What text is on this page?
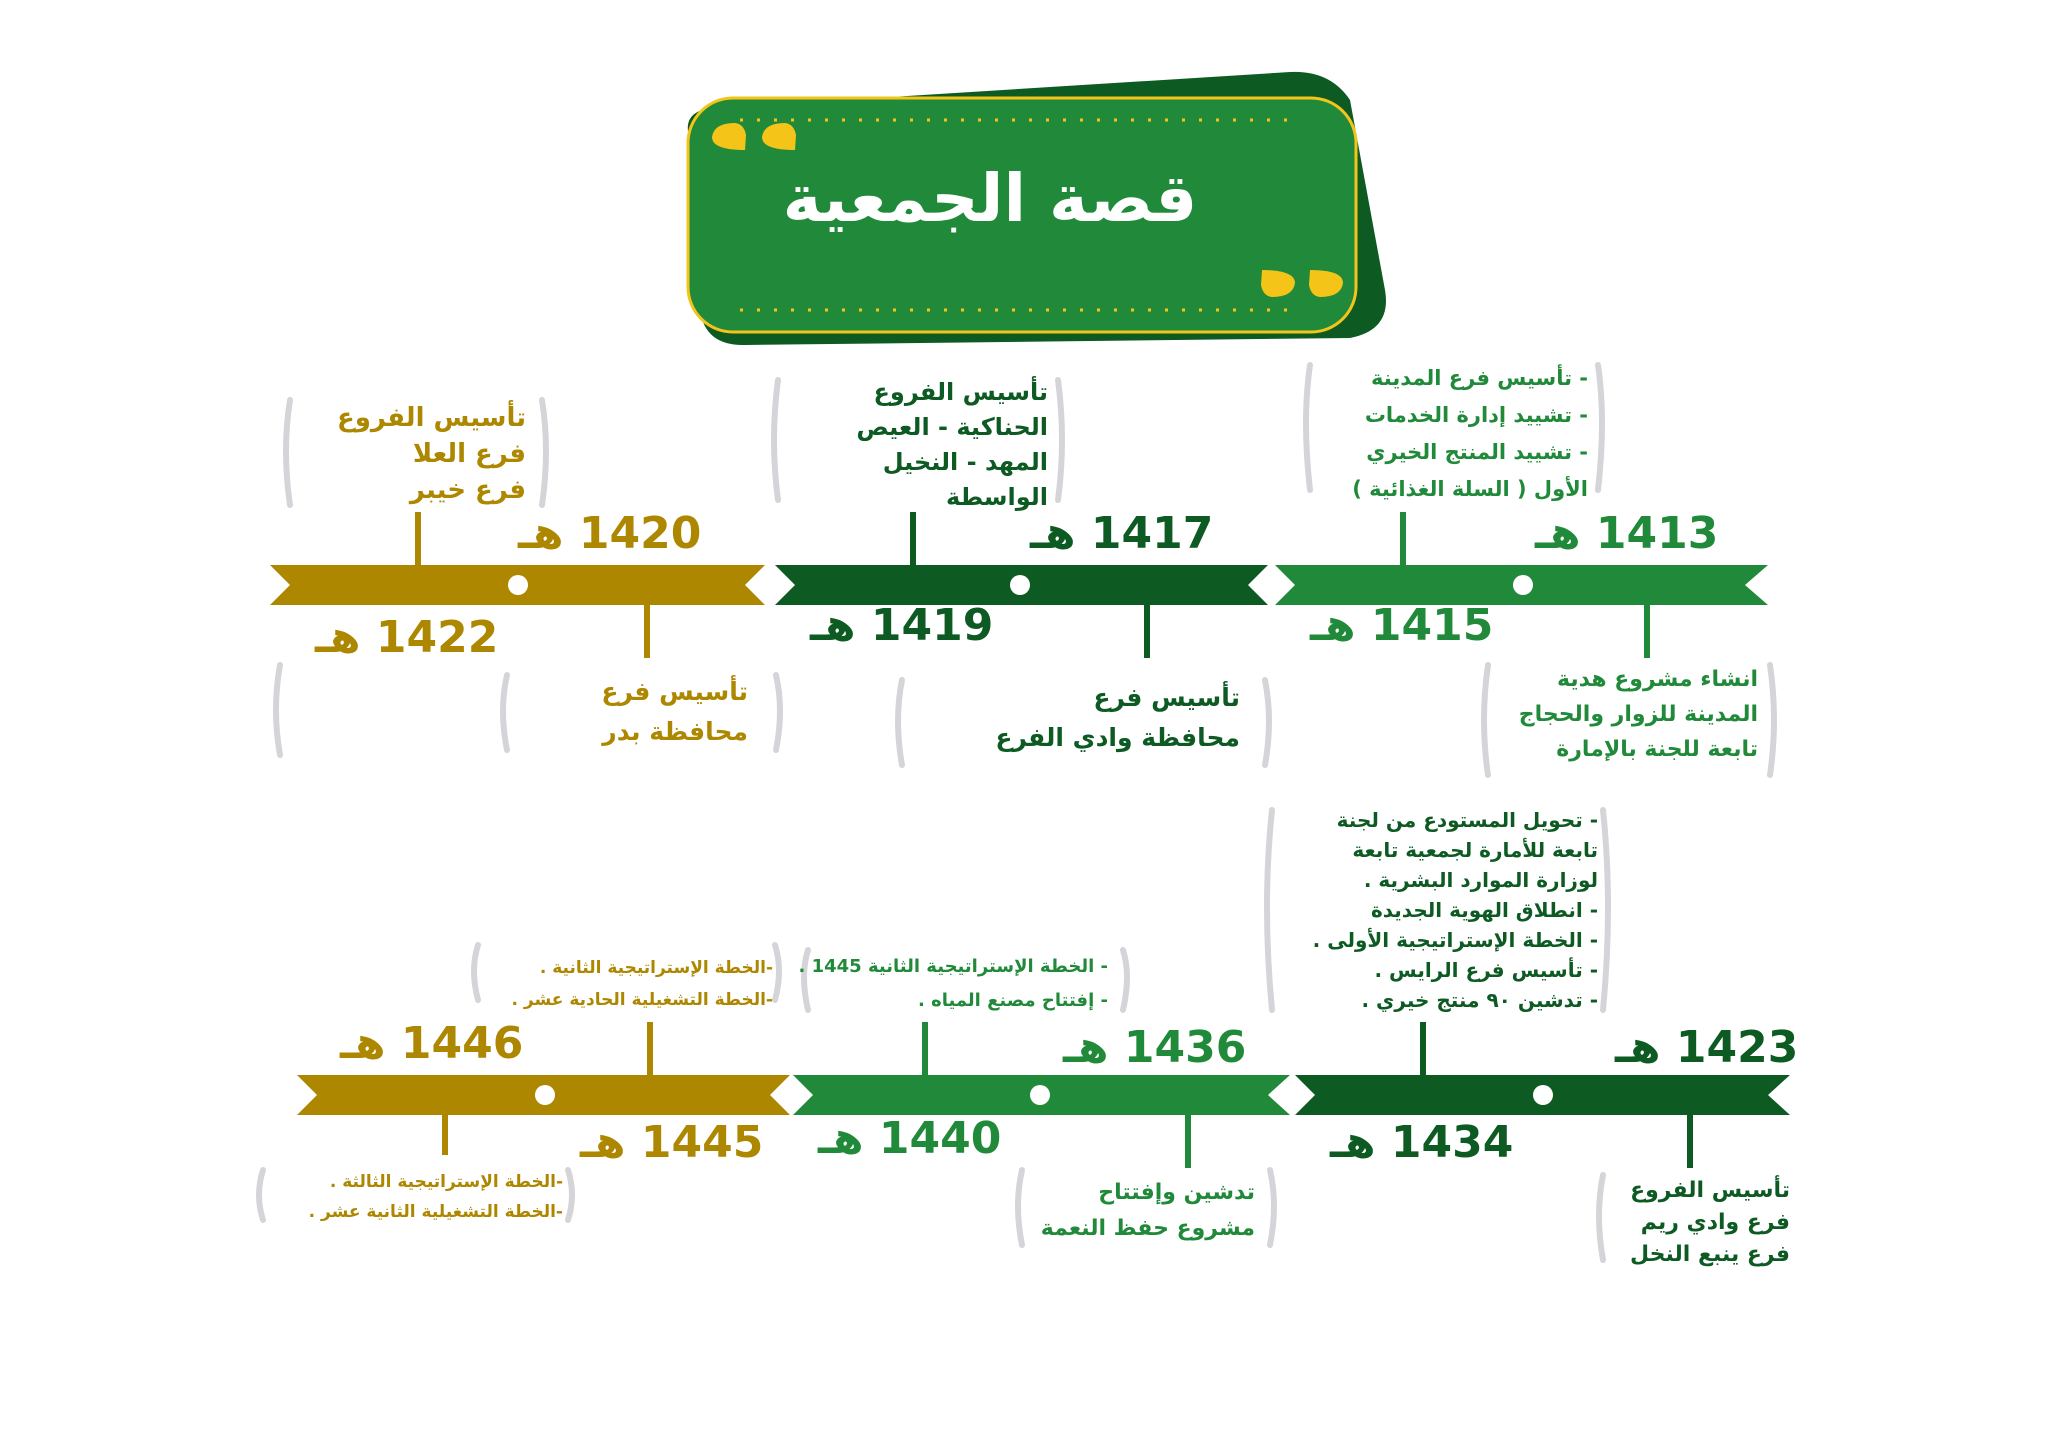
قصة الجمعية
1413 هـ
1415 هـ
1417 هـ
1419 هـ
1420 هـ
1422 هـ
- تأسيس فرع المدينة
- تشييد إدارة الخدمات
- تشييد المنتج الخيري
الأول ( السلة الغذائية )
انشاء مشروع هدية
المدينة للزوار والحجاج
تابعة للجنة بالإمارة
تأسيس الفروع
الحناكية - العيص
المهد - النخيل
الواسطة
تأسيس فرع
محافظة وادي الفرع
تأسيس الفروع
فرع العلا
فرع خيبر
تأسيس فرع
محافظة بدر
1423 هـ
1434 هـ
1436 هـ
1440 هـ
1445 هـ
1446 هـ
- تحويل المستودع من لجنة
تابعة للأمارة لجمعية تابعة
لوزارة الموارد البشرية .
- انطلاق الهوية الجديدة
- الخطة الإستراتيجية الأولى .
- تأسيس فرع الرايس .
- تدشين ٩٠ منتج خيري .
تأسيس الفروع
فرع وادي ريم
فرع ينبع النخل
- الخطة الإستراتيجية الثانية 1445 .
- إفتتاح مصنع المياه .
تدشين وإفتتاح
مشروع حفظ النعمة
-الخطة الإستراتيجية الثالثة .
-الخطة التشغيلية الثانية عشر .
-الخطة الإستراتيجية الثانية .
-الخطة التشغيلية الحادية عشر .
